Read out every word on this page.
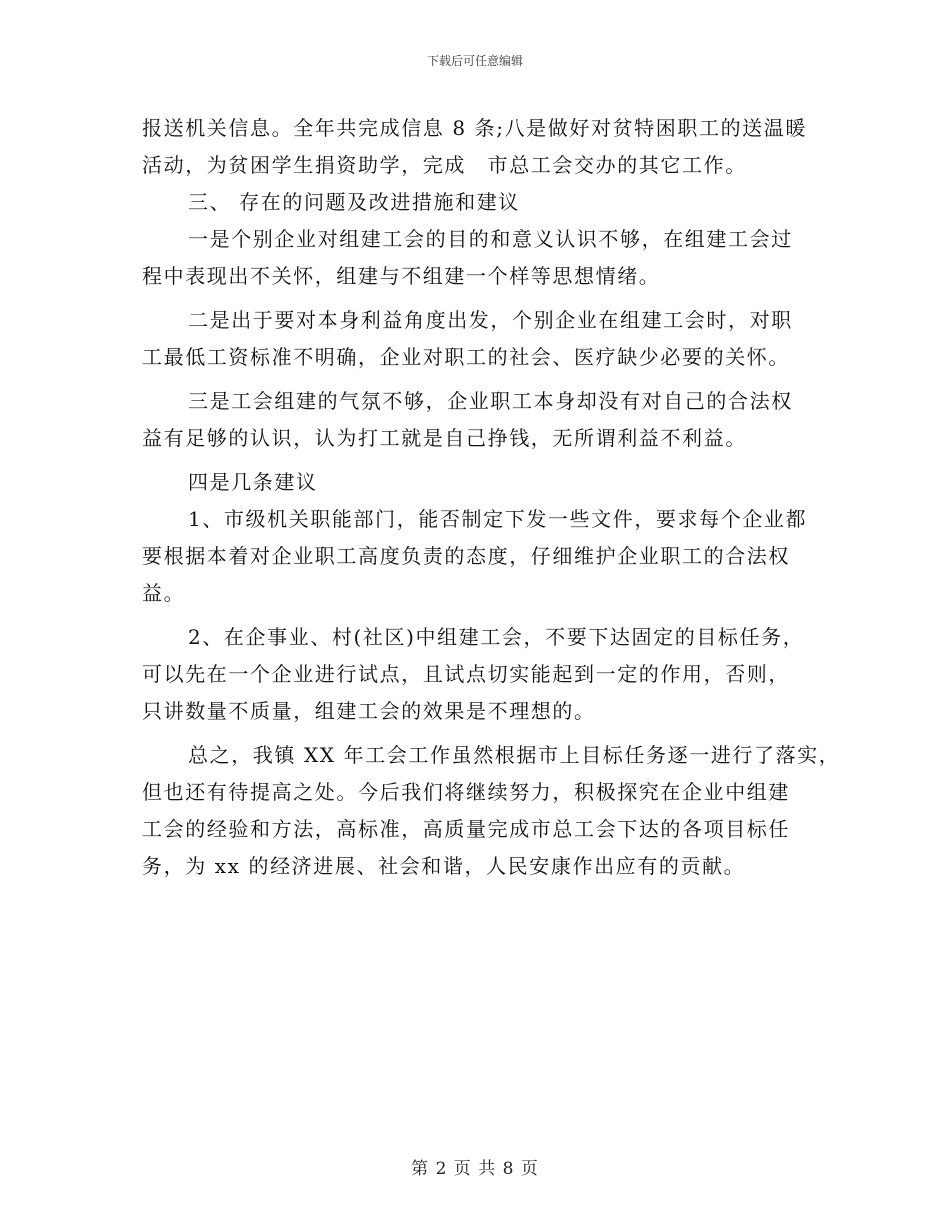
下载后可任意编辑
报送机关信息。全年共完成信息 8 条;八是做好对贫特困职工的送温暖
活动，为贫困学生捐资助学，完成　市总工会交办的其它工作。
三、 存在的问题及改进措施和建议
一是个别企业对组建工会的目的和意义认识不够，在组建工会过
程中表现出不关怀，组建与不组建一个样等思想情绪。
二是出于要对本身利益角度出发，个别企业在组建工会时，对职
工最低工资标准不明确，企业对职工的社会、医疗缺少必要的关怀。
三是工会组建的气氛不够，企业职工本身却没有对自己的合法权
益有足够的认识，认为打工就是自己挣钱，无所谓利益不利益。
四是几条建议
1、市级机关职能部门，能否制定下发一些文件，要求每个企业都
要根据本着对企业职工高度负责的态度，仔细维护企业职工的合法权
益。
2、在企事业、村(社区)中组建工会，不要下达固定的目标任务，
可以先在一个企业进行试点，且试点切实能起到一定的作用，否则，
只讲数量不质量，组建工会的效果是不理想的。
总之，我镇 XX 年工会工作虽然根据市上目标任务逐一进行了落实，
但也还有待提高之处。今后我们将继续努力，积极探究在企业中组建
工会的经验和方法，高标准，高质量完成市总工会下达的各项目标任
务，为 xx 的经济进展、社会和谐，人民安康作出应有的贡献。
第 2 页 共 8 页
